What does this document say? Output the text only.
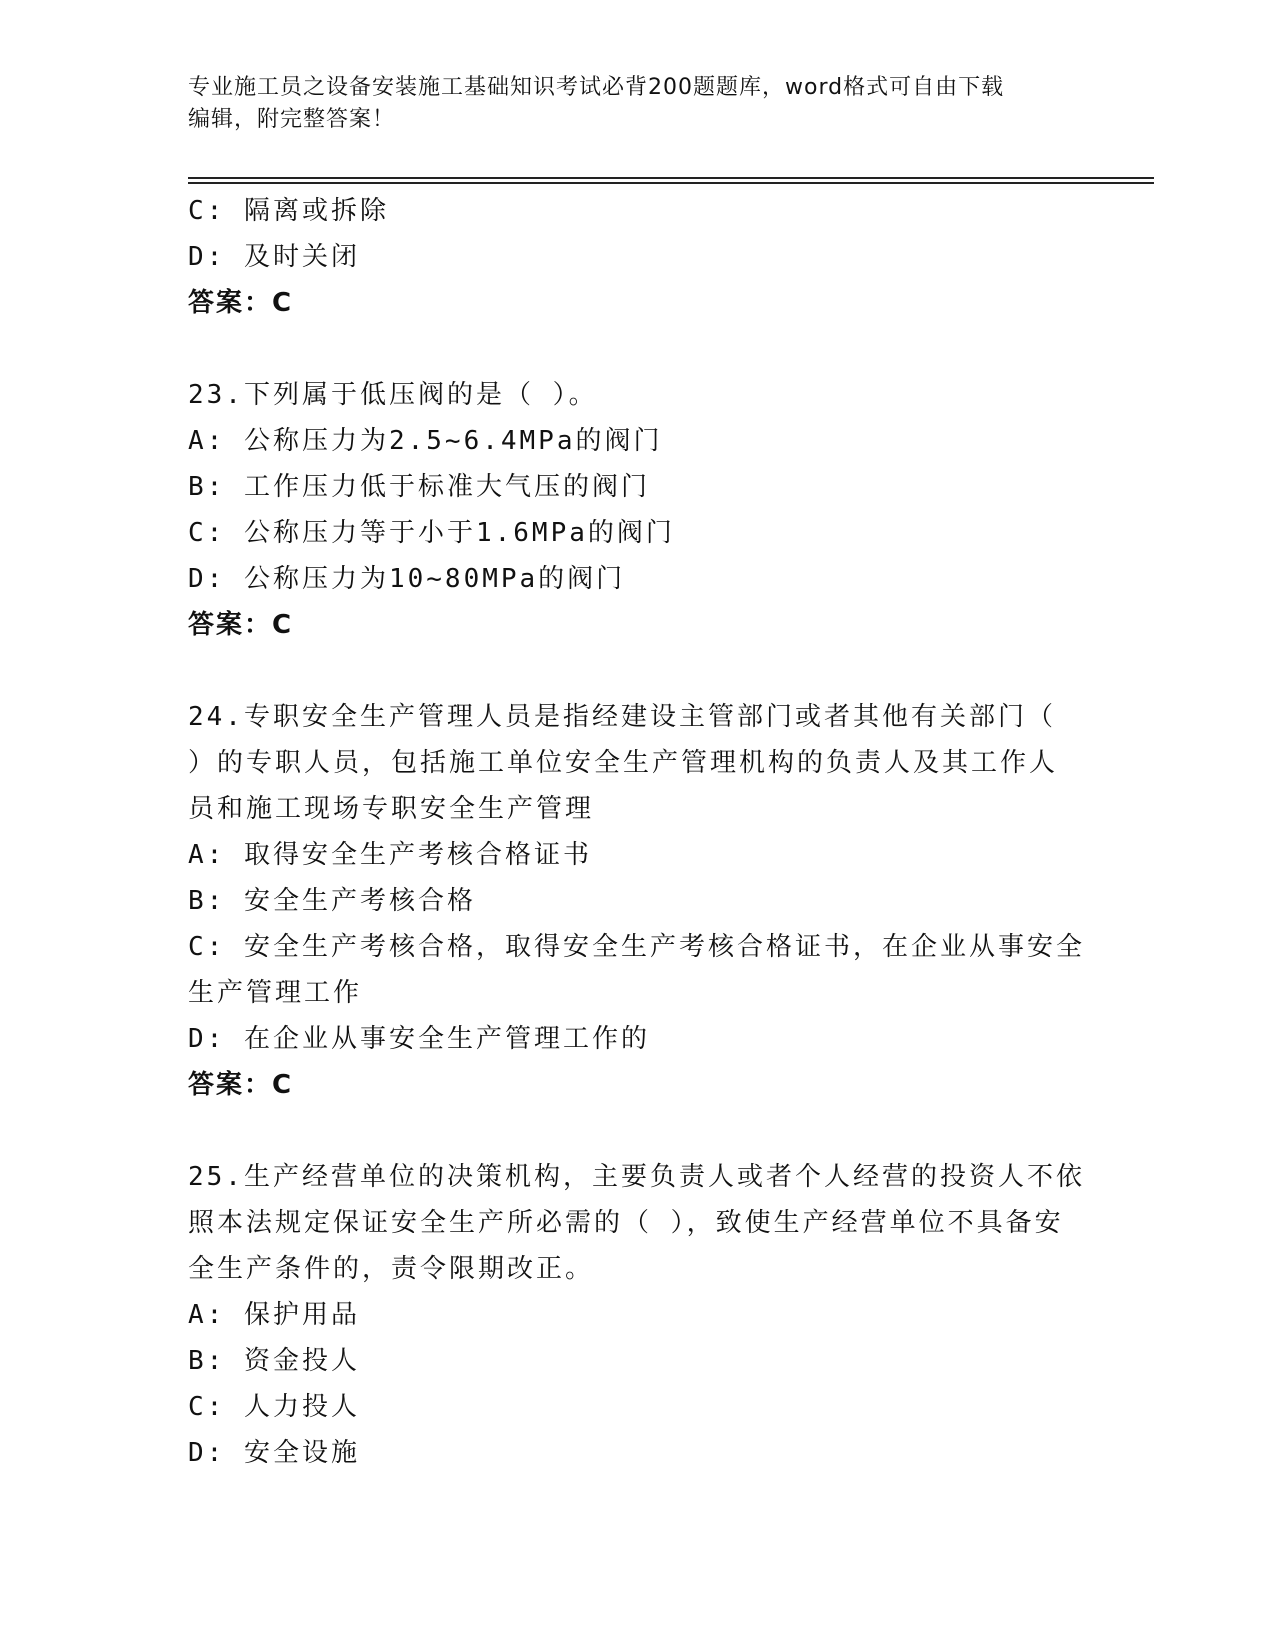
专业施工员之设备安装施工基础知识考试必背200题题库，word格式可自由下载
编辑，附完整答案！
C: 隔离或拆除
D: 及时关闭
答案：C
23.下列属于低压阀的是（ ）。
A: 公称压力为2.5~6.4MPa的阀门
B: 工作压力低于标准大气压的阀门
C: 公称压力等于小于1.6MPa的阀门
D: 公称压力为10~80MPa的阀门
答案：C
24.专职安全生产管理人员是指经建设主管部门或者其他有关部门（
）的专职人员，包括施工单位安全生产管理机构的负责人及其工作人
员和施工现场专职安全生产管理
A: 取得安全生产考核合格证书
B: 安全生产考核合格
C: 安全生产考核合格，取得安全生产考核合格证书，在企业从事安全
生产管理工作
D: 在企业从事安全生产管理工作的
答案：C
25.生产经营单位的决策机构，主要负责人或者个人经营的投资人不依
照本法规定保证安全生产所必需的（ ），致使生产经营单位不具备安
全生产条件的，责令限期改正。
A: 保护用品
B: 资金投人
C: 人力投人
D: 安全设施
